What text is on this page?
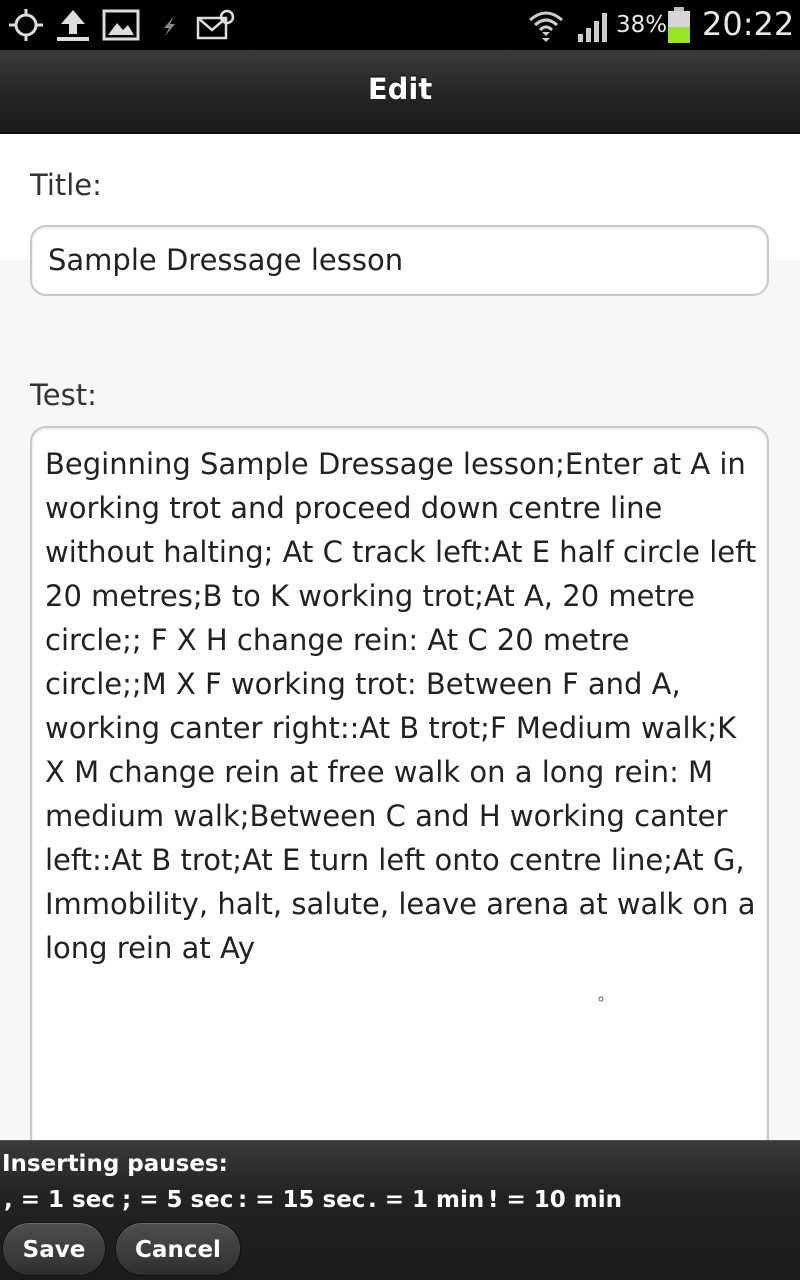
38% 20:22
Edit
Title:
Sample Dressage lesson
Test:
Beginning Sample Dressage lesson;Enter at A in working trot and proceed down centre line without halting; At C track left:At E half circle left 20 metres;B to K working trot;At A, 20 metre circle;; F X H change rein: At C 20 metre circle;;M X F working trot: Between F and A, working canter right::At B trot;F Medium walk;K X M change rein at free walk on a long rein: M medium walk;Between C and H working canter left::At B trot;At E turn left onto centre line;At G, Immobility, halt, salute, leave arena at walk on a long rein at Ay
Inserting pauses:
, = 1 sec ; = 5 sec : = 15 sec . = 1 min ! = 10 min
Save	Cancel
